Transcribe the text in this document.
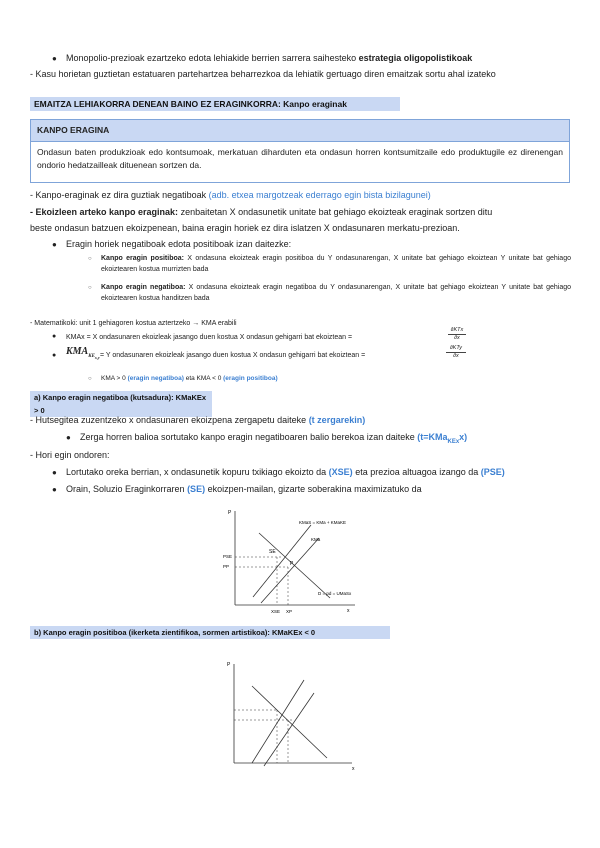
● Monopolio-prezioak ezartzeko edota lehiakide berrien sarrera saihesteko estrategia oligopolistikoak
- Kasu horietan guztietan estatuaren partehartzea beharrezkoa da lehiatik gertuago diren emaitzak sortu ahal izateko
EMAITZA LEHIAKORRA DENEAN BAINO EZ ERAGINKORRA: Kanpo eraginak
KANPO ERAGINA
Ondasun baten produkzioak edo kontsumoak, merkatuan diharduten eta ondasun horren kontsumitzaile edo produktugile ez direnengan ondorio hedatzailleak dituenean sortzen da.
- Kanpo-eraginak ez dira guztiak negatiboak (adb. etxea margotzeak ederrago egin bista bizilagunei)
- Ekoizleen arteko kanpo eraginak: zenbaitetan X ondasunetik unitate bat gehiago ekoizteak eraginak sortzen ditu
beste ondasun batzuen ekoizpenean, baina eragin horiek ez dira islatzen X ondasunaren merkatu-prezioan.
● Eragin horiek negatiboak edota positiboak izan daitezke:
○ Kanpo eragin positiboa: X ondasuna ekoizteak eragin positiboa du Y ondasunarengan, X unitate bat gehiago ekoiztean Y unitate bat gehiago ekoiztearen kostua murrizten bada
○ Kanpo eragin negatiboa: X ondasuna ekoizteak eragin negatiboa du Y ondasunarengan, X unitate bat gehiago ekoiztean Y unitate bat gehiago ekoiztearen kostua handitzen bada
- Matematikoki: unit 1 gehiagoren kostua aztertzeko → KMA erabili
● KMAx = X ondasunaren ekoizleak jasango duen kostua X ondasun gehigarri bat ekoiztean =
∂KTx
∂x
● $KMA_{KE_{x,y}} = Y$ ondasunaren ekoizleak jasango duen kostua X ondasun gehigarri bat ekoiztean =
∂KTy
∂x
○ KMA > 0 (eragin negatiboa) eta KMA < 0 (eragin positiboa)
a) Kanpo eragin negatiboa (kutsadura): KMaKEx > 0
- Hutsegitea zuzentzeko x ondasunaren ekoizpena zergapetu daiteke (t zergarekin)
● Zerga horren balioa sortutako kanpo eragin negatiboaren balio berekoa izan daiteke (t=KMa$_{KEx}$x)
- Hori egin ondoren:
● Lortutako oreka berrian, x ondasunetik kopuru txikiago ekoizto da (XSE) eta prezioa altuagoa izango da (PSE)
● Orain, Soluzio Eraginkorraren (SE) ekoizpen-mailan, gizarte soberakina maximizatuko da
P
x
KMaS = KMa + KMaKE
KMa
D = pd = UMaSx
SE
P
PSE
PP
XSE XP
b) Kanpo eragin positiboa (ikerketa zientifikoa, sormen artistikoa): KMaKEx < 0
P
x
